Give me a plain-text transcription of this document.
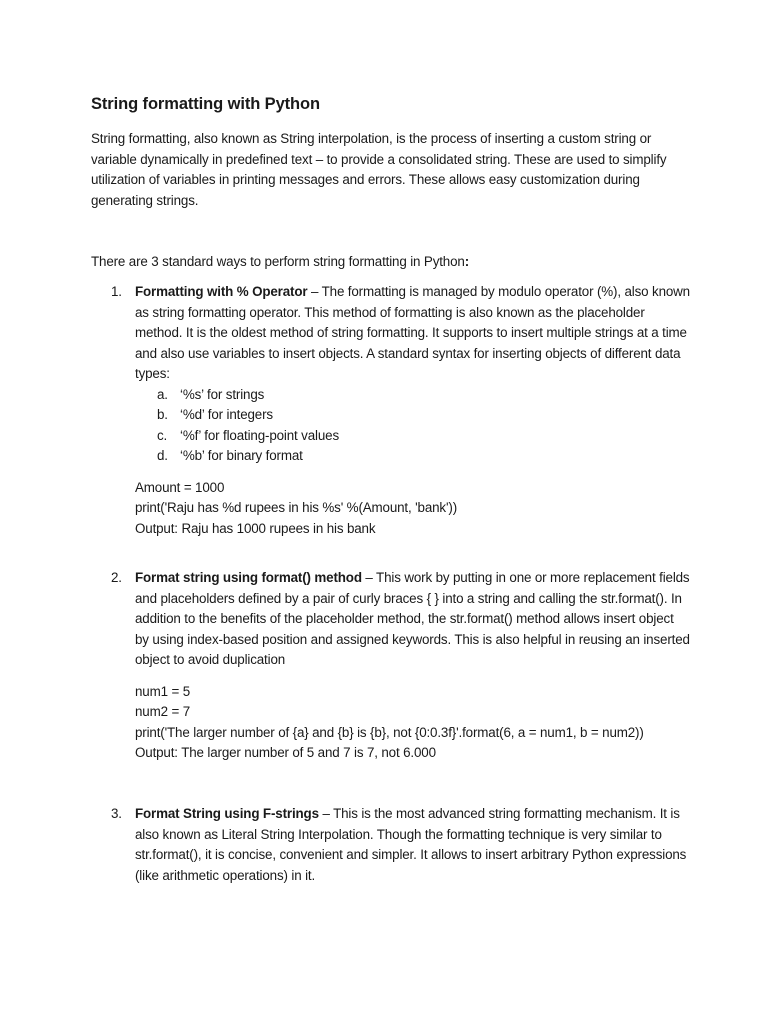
String formatting with Python

String formatting, also known as String interpolation, is the process of inserting a custom string or variable dynamically in predefined text – to provide a consolidated string. These are used to simplify utilization of variables in printing messages and errors. These allows easy customization during generating strings.

There are 3 standard ways to perform string formatting in Python:

1. Formatting with % Operator – The formatting is managed by modulo operator (%), also known as string formatting operator. This method of formatting is also known as the placeholder method. It is the oldest method of string formatting. It supports to insert multiple strings at a time and also use variables to insert objects. A standard syntax for inserting objects of different data types:
a. ‘%s’ for strings
b. ‘%d’ for integers
c. ‘%f’ for floating-point values
d. ‘%b’ for binary format
Amount = 1000
print('Raju has %d rupees in his %s' %(Amount, 'bank'))
Output: Raju has 1000 rupees in his bank
2. Format string using format() method – This work by putting in one or more replacement fields and placeholders defined by a pair of curly braces { } into a string and calling the str.format(). In addition to the benefits of the placeholder method, the str.format() method allows insert object by using index-based position and assigned keywords. This is also helpful in reusing an inserted object to avoid duplication
num1 = 5
num2 = 7
print('The larger number of {a} and {b} is {b}, not {0:0.3f}'.format(6, a = num1, b = num2))
Output: The larger number of 5 and 7 is 7, not 6.000
3. Format String using F-strings – This is the most advanced string formatting mechanism. It is also known as Literal String Interpolation. Though the formatting technique is very similar to str.format(), it is concise, convenient and simpler. It allows to insert arbitrary Python expressions (like arithmetic operations) in it.
